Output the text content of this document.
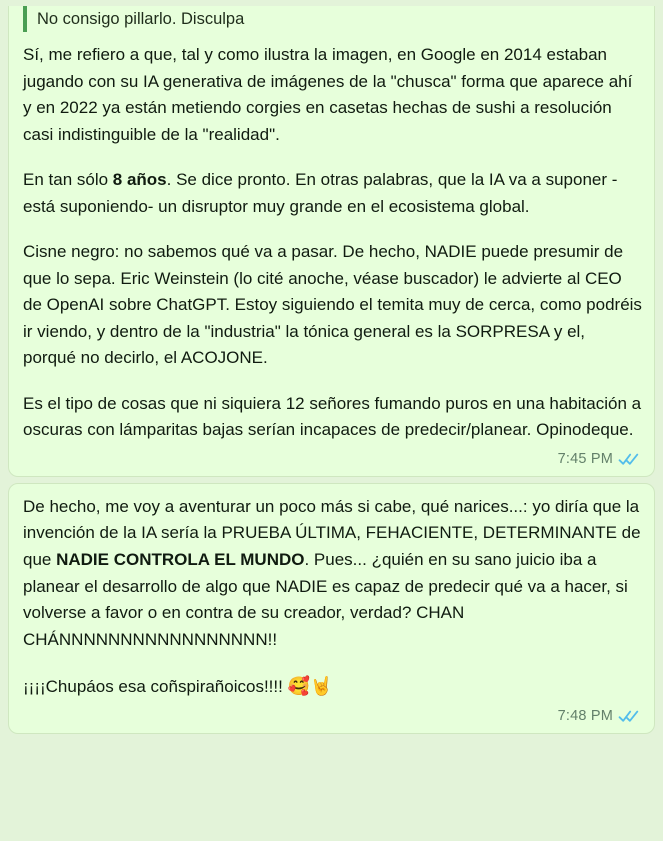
No consigo pillarlo. Disculpa

Sí, me refiero a que, tal y como ilustra la imagen, en Google en 2014 estaban jugando con su IA generativa de imágenes de la "chusca" forma que aparece ahí y en 2022 ya están metiendo corgies en casetas hechas de sushi a resolución casi indistinguible de la "realidad".

En tan sólo 8 años. Se dice pronto. En otras palabras, que la IA va a suponer -está suponiendo- un disruptor muy grande en el ecosistema global.

Cisne negro: no sabemos qué va a pasar. De hecho, NADIE puede presumir de que lo sepa. Eric Weinstein (lo cité anoche, véase buscador) le advierte al CEO de OpenAI sobre ChatGPT. Estoy siguiendo el temita muy de cerca, como podréis ir viendo, y dentro de la "industria" la tónica general es la SORPRESA y el, porqué no decirlo, el ACOJONE.

Es el tipo de cosas que ni siquiera 12 señores fumando puros en una habitación a oscuras con lámparitas bajas serían incapaces de predecir/planear. Opinodeque.

7:45 PM

De hecho, me voy a aventurar un poco más si cabe, qué narices...: yo diría que la invención de la IA sería la PRUEBA ÚLTIMA, FEHACIENTE, DETERMINANTE de que NADIE CONTROLA EL MUNDO. Pues... ¿quién en su sano juicio iba a planear el desarrollo de algo que NADIE es capaz de predecir qué va a hacer, si volverse a favor o en contra de su creador, verdad? CHAN CHÁNNNNNNNNNNNNNNNNN!!

¡¡¡¡Chupáos esa coñspirañoicos!!!! 🥰🤘

7:48 PM
